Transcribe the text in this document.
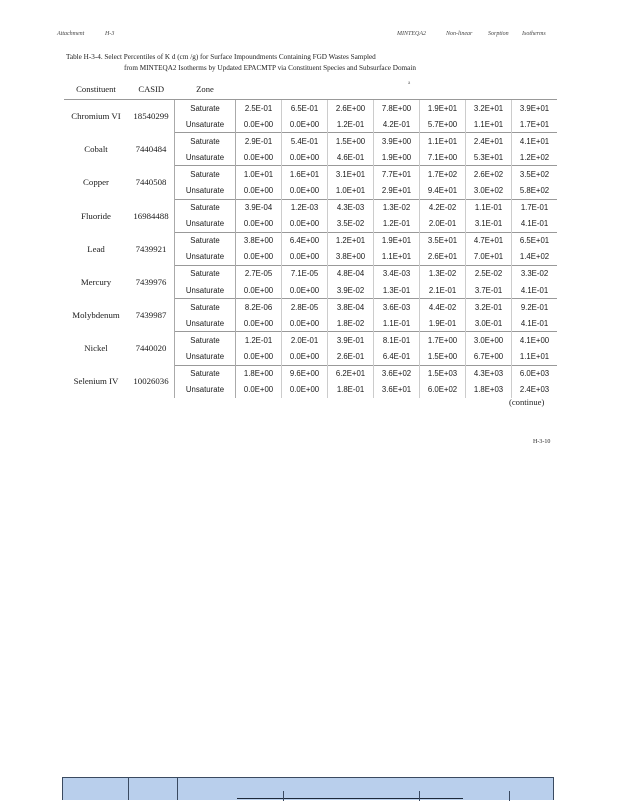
Attachment	H-3	MINTEQA2	Non-linear	Sorption Isotherms
Table H-3-4. Select Percentiles of K d (cm /g) for Surface Impoundments Containing FGD Wastes Sampled
from MINTEQA2 Isotherms by Updated EPACMTP via Constituent Species and Subsurface Domain
a
Constituent	CASID	Zone							
Chromium VI	18540299	Saturate	2.5E-01	6.5E-01	2.6E+00	7.8E+00	1.9E+01	3.2E+01	3.9E+01
		Unsaturate	0.0E+00	0.0E+00	1.2E-01	4.2E-01	5.7E+00	1.1E+01	1.7E+01
Cobalt	7440484	Saturate	2.9E-01	5.4E-01	1.5E+00	3.9E+00	1.1E+01	2.4E+01	4.1E+01
		Unsaturate	0.0E+00	0.0E+00	4.6E-01	1.9E+00	7.1E+00	5.3E+01	1.2E+02
Copper	7440508	Saturate	1.0E+01	1.6E+01	3.1E+01	7.7E+01	1.7E+02	2.6E+02	3.5E+02
		Unsaturate	0.0E+00	0.0E+00	1.0E+01	2.9E+01	9.4E+01	3.0E+02	5.8E+02
Fluoride	16984488	Saturate	3.9E-04	1.2E-03	4.3E-03	1.3E-02	4.2E-02	1.1E-01	1.7E-01
		Unsaturate	0.0E+00	0.0E+00	3.5E-02	1.2E-01	2.0E-01	3.1E-01	4.1E-01
Lead	7439921	Saturate	3.8E+00	6.4E+00	1.2E+01	1.9E+01	3.5E+01	4.7E+01	6.5E+01
		Unsaturate	0.0E+00	0.0E+00	3.8E+00	1.1E+01	2.6E+01	7.0E+01	1.4E+02
Mercury	7439976	Saturate	2.7E-05	7.1E-05	4.8E-04	3.4E-03	1.3E-02	2.5E-02	3.3E-02
		Unsaturate	0.0E+00	0.0E+00	3.9E-02	1.3E-01	2.1E-01	3.7E-01	4.1E-01
Molybdenum	7439987	Saturate	8.2E-06	2.8E-05	3.8E-04	3.6E-03	4.4E-02	3.2E-01	9.2E-01
		Unsaturate	0.0E+00	0.0E+00	1.8E-02	1.1E-01	1.9E-01	3.0E-01	4.1E-01
Nickel	7440020	Saturate	1.2E-01	2.0E-01	3.9E-01	8.1E-01	1.7E+00	3.0E+00	4.1E+00
		Unsaturate	0.0E+00	0.0E+00	2.6E-01	6.4E-01	1.5E+00	6.7E+00	1.1E+01
Selenium IV	10026036	Saturate	1.8E+00	9.6E+00	6.2E+01	3.6E+02	1.5E+03	4.3E+03	6.0E+03
		Unsaturate	0.0E+00	0.0E+00	1.8E-01	3.6E+01	6.0E+02	1.8E+03	2.4E+03
(continue)
H-3-10
